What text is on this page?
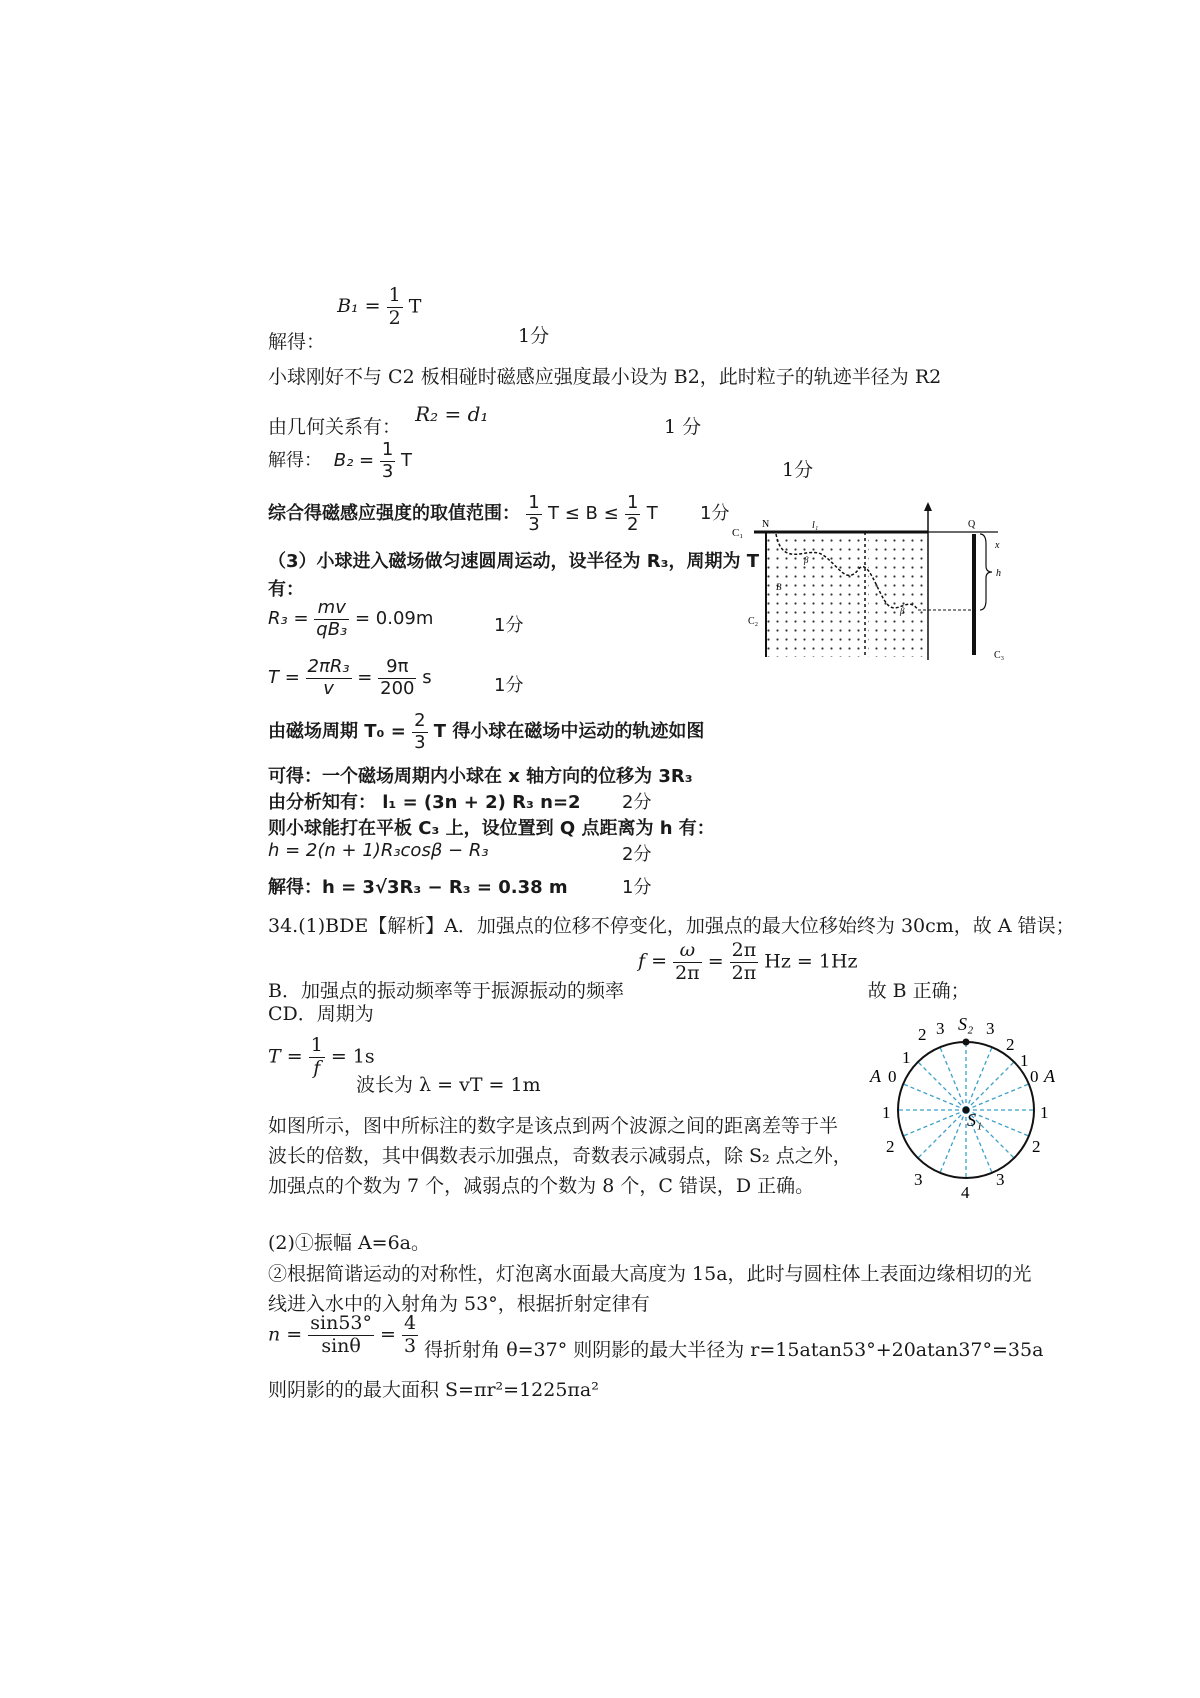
解得： $B_1 = \frac{1}{2}$ T
1分
小球刚好不与 C2 板相碰时磁感应强度最小设为 B2，此时粒子的轨迹半径为 R2
由几何关系有： R₂ = d₁
1 分
解得： $B_2 = \frac{1}{3}$ T	1分
综合得磁感应强度的取值范围： $\frac{1}{3}$ $T \le B \le \frac{1}{2}$ T 1分
（3）小球进入磁场做匀速圆周运动，设半径为 R₃，周期为 T
有：
$R_3 = \frac{mv}{\text{qB₃}} = 0.09m$	1分
$T = \frac{\text{2πR₃}}{v} = \frac{9\pi}{200}$ s	1分
由磁场周期 $T_0 = \frac{2}{3}$ T 得小球在磁场中运动的轨迹如图
可得：一个磁场周期内小球在 x 轴方向的位移为 3R₃
由分析知有： l₁ = (3n + 2) R₃ n=2 2分
则小球能打在平板 C₃ 上，设位置到 Q 点距离为 h 有：
h = 2(n + 1)R₃cosβ − R₃	2分
解得：h = 3√3R₃ − R₃ = 0.38 m	1分
C₁
N	l₁	Q
x
h
C₂
C₃
β
B
β
34.(1)BDE【解析】A．加强点的位移不停变化，加强点的最大位移始终为 30cm，故 A 错误；
B．加强点的振动频率等于振源振动的频率 $f = \frac{\omega}{2\pi} = \frac{2\pi}{2\pi}$ Hz = 1Hz 故 B 正确；
CD．周期为
$T = \frac{1}{f} = 1s$
波长为 λ = vT = 1m
如图所示，图中所标注的数字是该点到两个波源之间的距离差等于半
波长的倍数，其中偶数表示加强点，奇数表示减弱点，除 S₂ 点之外，
加强点的个数为 7 个，减弱点的个数为 8 个，C 错误，D 正确。
S₂
S₁
A	A
2 3 3
2
1	1
0	0
1	1
2	2
3
4
3
(2)①振幅 A=6a。
②根据简谐运动的对称性，灯泡离水面最大高度为 15a，此时与圆柱体上表面边缘相切的光
线进入水中的入射角为 53°，根据折射定律有
$n = \frac{\sin 53^\circ}{\sin\theta} = \frac{4}{3}$ 得折射角 θ=37° 则阴影的最大半径为 r=15atan53°+20atan37°=35a
则阴影的的最大面积 S=πr²=1225πa²
